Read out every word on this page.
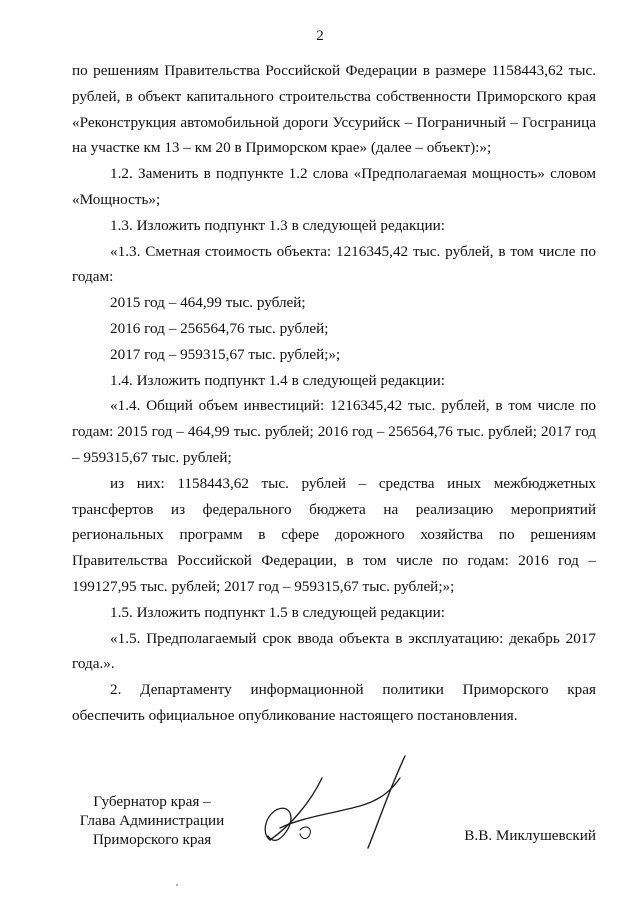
2

по решениям Правительства Российской Федерации в размере 1158443,62 тыс. рублей, в объект капитального строительства собственности Приморского края «Реконструкция автомобильной дороги Уссурийск – Пограничный – Госграница на участке км 13 – км 20 в Приморском крае» (далее – объект):»;

1.2. Заменить в подпункте 1.2 слова «Предполагаемая мощность» словом «Мощность»;

1.3. Изложить подпункт 1.3 в следующей редакции:

«1.3. Сметная стоимость объекта: 1216345,42 тыс. рублей, в том числе по годам:

2015 год – 464,99 тыс. рублей;

2016 год – 256564,76 тыс. рублей;

2017 год – 959315,67 тыс. рублей;»;

1.4. Изложить подпункт 1.4 в следующей редакции:

«1.4. Общий объем инвестиций: 1216345,42 тыс. рублей, в том числе по годам: 2015 год – 464,99 тыс. рублей; 2016 год – 256564,76 тыс. рублей; 2017 год – 959315,67 тыс. рублей;

из них: 1158443,62 тыс. рублей – средства иных межбюджетных трансфертов из федерального бюджета на реализацию мероприятий региональных программ в сфере дорожного хозяйства по решениям Правительства Российской Федерации, в том числе по годам: 2016 год – 199127,95 тыс. рублей; 2017 год – 959315,67 тыс. рублей;»;

1.5. Изложить подпункт 1.5 в следующей редакции:

«1.5. Предполагаемый срок ввода объекта в эксплуатацию: декабрь 2017 года.».

2. Департаменту информационной политики Приморского края обеспечить официальное опубликование настоящего постановления.

Губернатор края –
Глава Администрации
Приморского края	В.В. Миклушевский
